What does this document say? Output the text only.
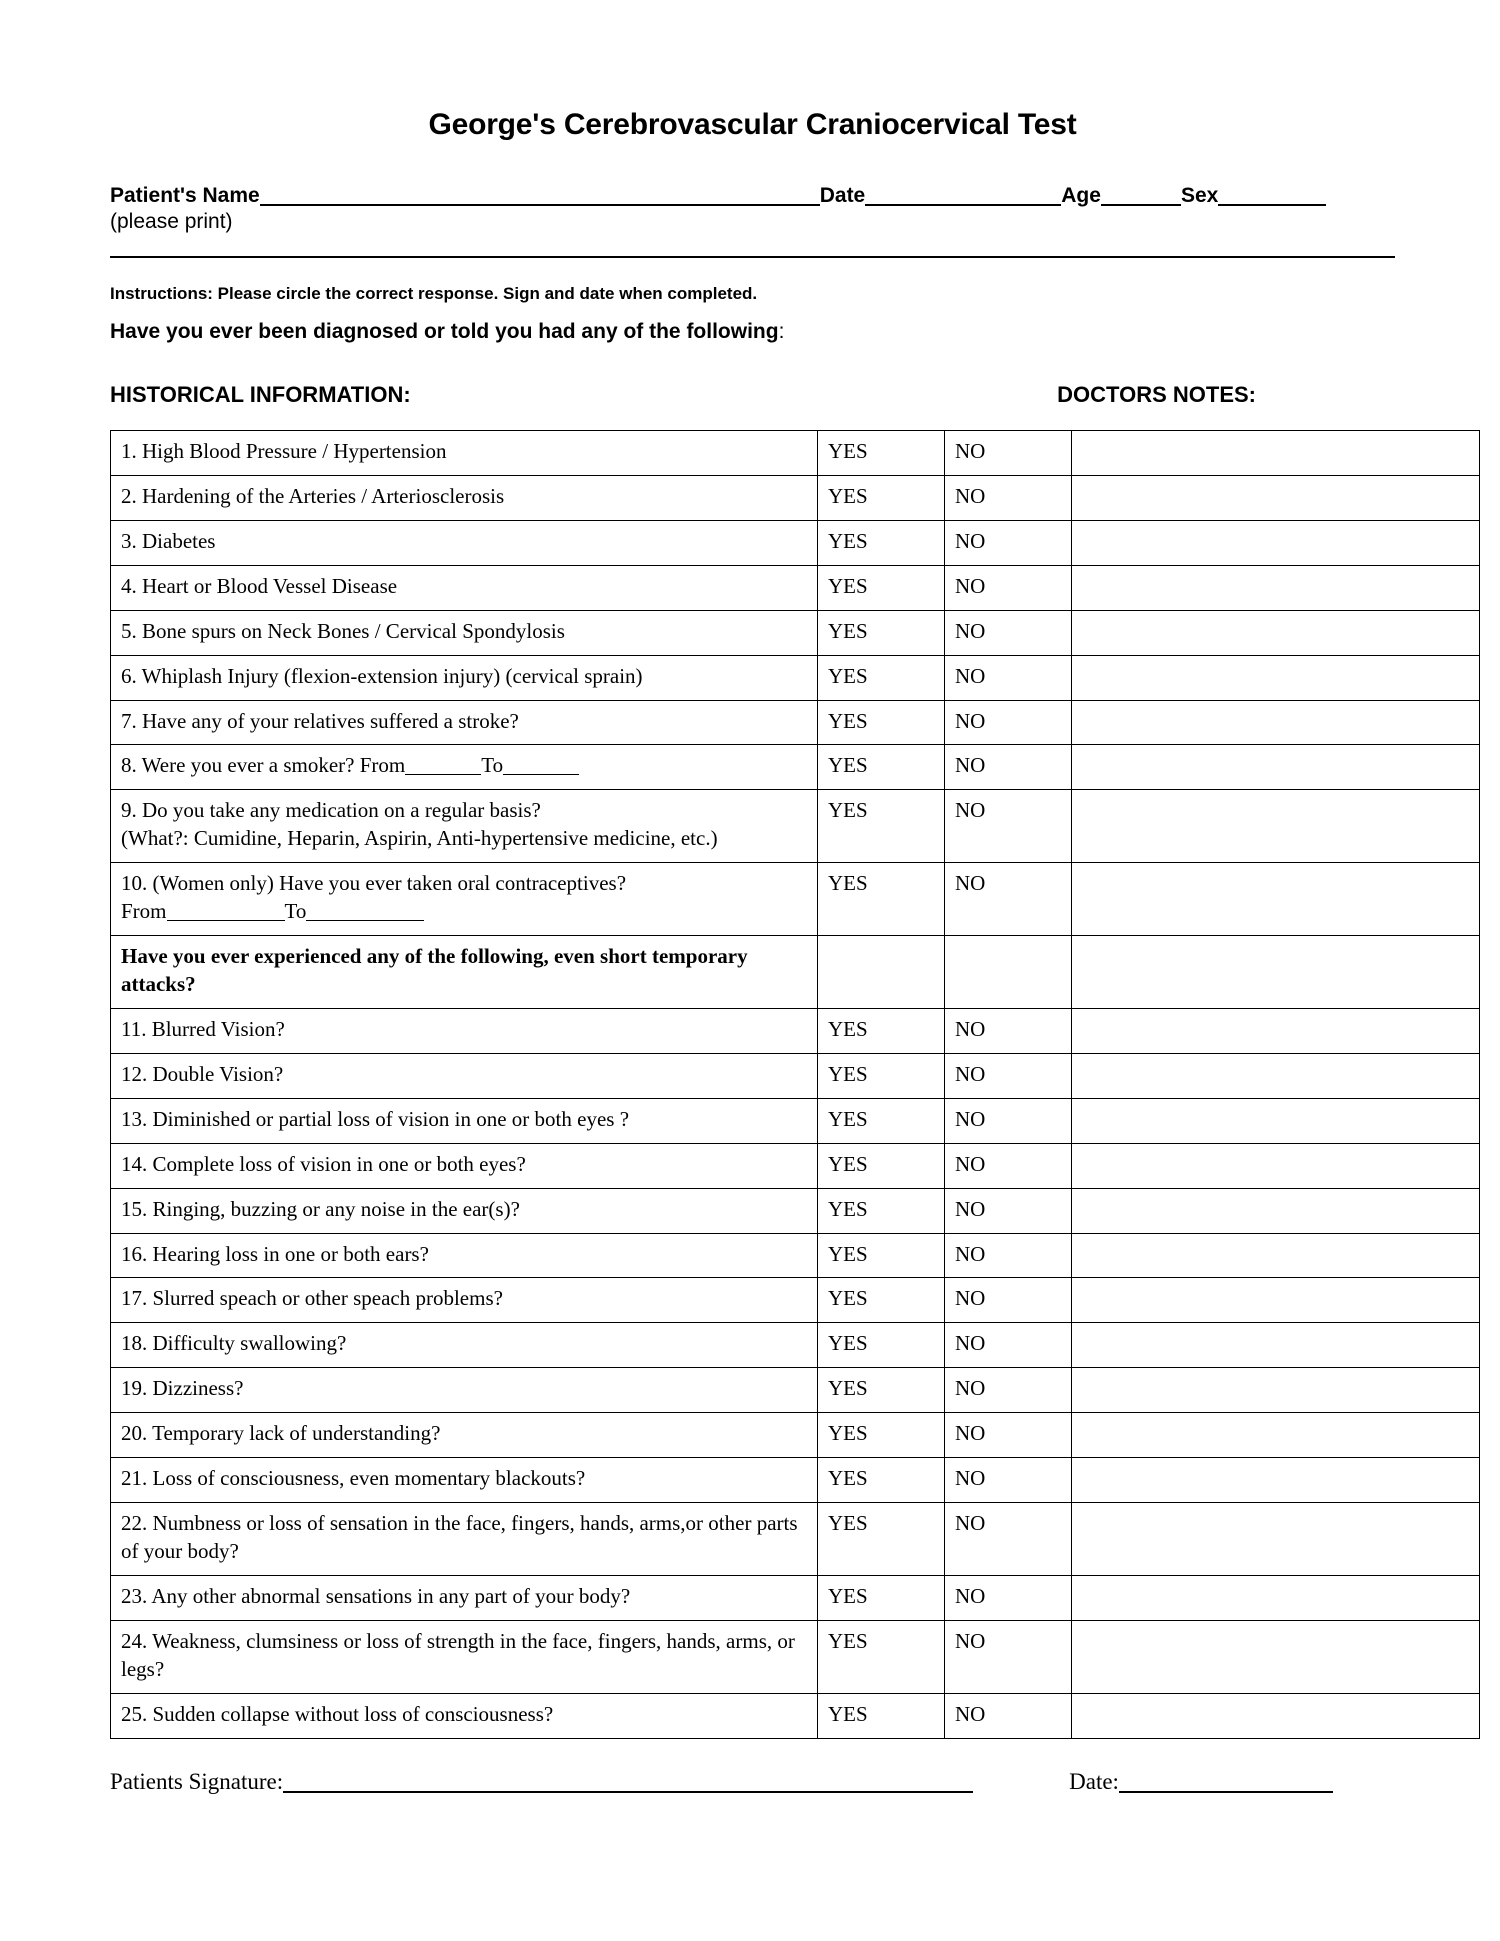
George's Cerebrovascular Craniocervical Test
Patient's Name	Date	Age	Sex
(please print)
Instructions: Please circle the correct response. Sign and date when completed.
Have you ever been diagnosed or told you had any of the following:
HISTORICAL INFORMATION:	DOCTORS NOTES:
1. High Blood Pressure / Hypertension	YES	NO	
2. Hardening of the Arteries / Arteriosclerosis	YES	NO	
3. Diabetes	YES	NO	
4. Heart or Blood Vessel Disease	YES	NO	
5. Bone spurs on Neck Bones / Cervical Spondylosis	YES	NO	
6. Whiplash Injury (flexion-extension injury) (cervical sprain)	YES	NO	
7. Have any of your relatives suffered a stroke?	YES	NO	
8. Were you ever a smoker? From To	YES	NO	

9. Do you take any medication on a regular basis?
(What?: Cumidine, Heparin, Aspirin, Anti-hypertensive medicine, etc.)	YES	NO	

10. (Women only) Have you ever taken oral contraceptives?
From To	YES	NO	
Have you ever experienced any of the following, even short temporary attacks?			
11. Blurred Vision?	YES	NO	
12. Double Vision?	YES	NO	
13. Diminished or partial loss of vision in one or both eyes ?	YES	NO	
14. Complete loss of vision in one or both eyes?	YES	NO	
15. Ringing, buzzing or any noise in the ear(s)?	YES	NO	
16. Hearing loss in one or both ears?	YES	NO	
17. Slurred speach or other speach problems?	YES	NO	
18. Difficulty swallowing?	YES	NO	
19. Dizziness?	YES	NO	
20. Temporary lack of understanding?	YES	NO	
21. Loss of consciousness, even momentary blackouts?	YES	NO	
22. Numbness or loss of sensation in the face, fingers, hands, arms,or other parts of your body?	YES	NO	
23. Any other abnormal sensations in any part of your body?	YES	NO	
24. Weakness, clumsiness or loss of strength in the face, fingers, hands, arms, or legs?	YES	NO	
25. Sudden collapse without loss of consciousness?	YES	NO	
Patients Signature:	Date:
